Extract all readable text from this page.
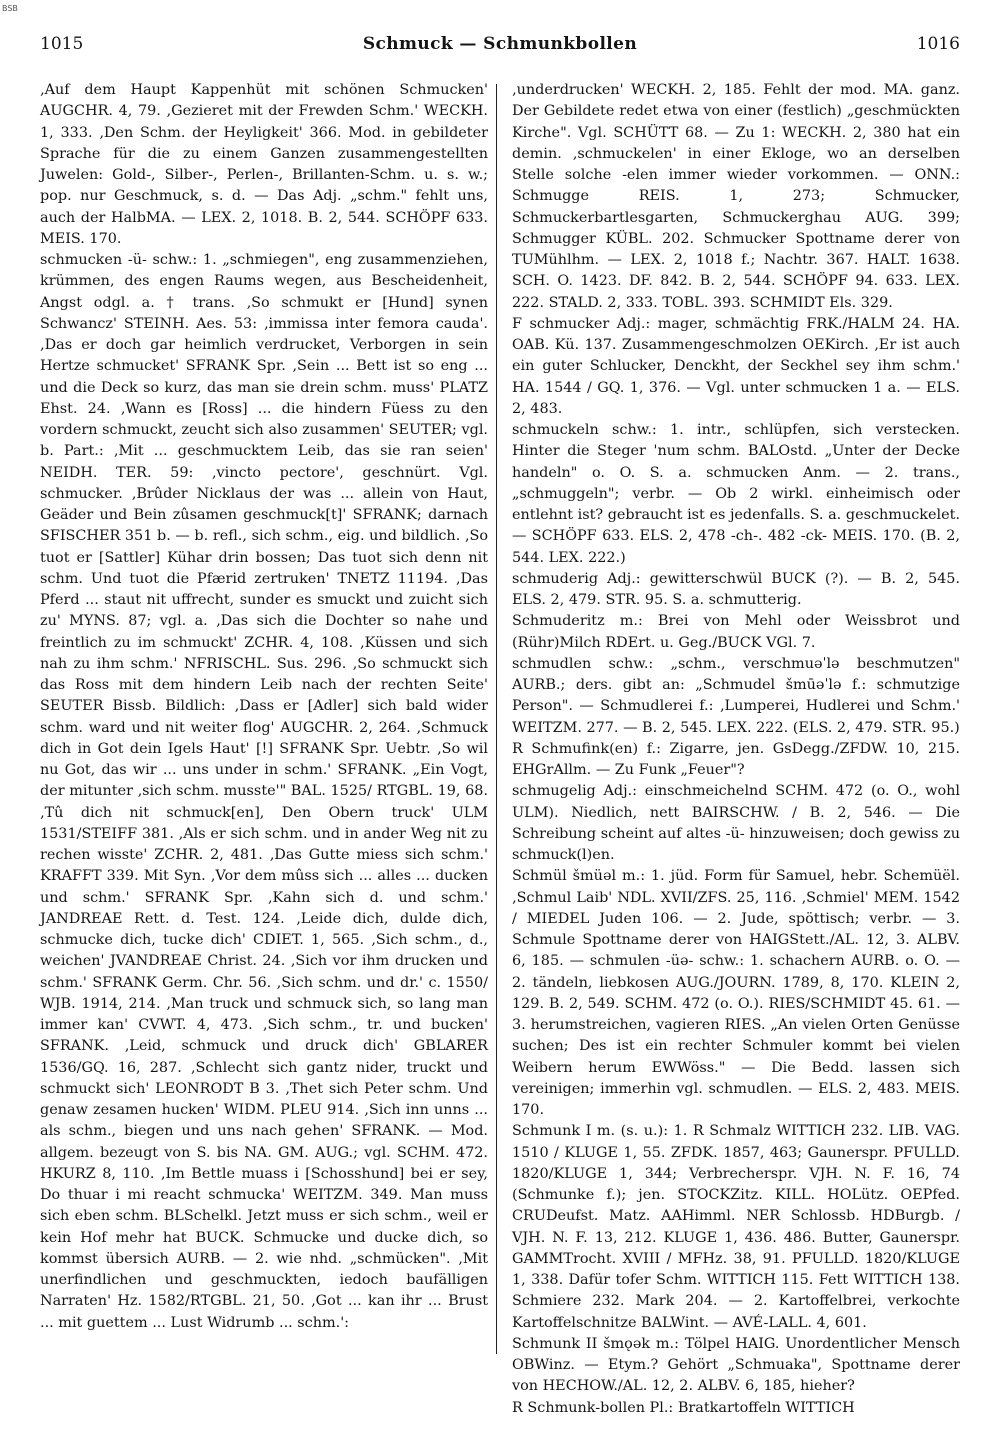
BSB
1015	Schmuck — Schmunkbollen	1016

‚Auf dem Haupt Kappenhüt mit schönen Schmucken' AUGCHR. 4, 79. ‚Gezieret mit der Frewden Schm.' WECKH. 1, 333. ‚Den Schm. der Heyligkeit' 366. Mod. in gebildeter Sprache für die zu einem Ganzen zusammengestellten Juwelen: Gold-, Silber-, Perlen-, Brillanten-Schm. u. s. w.; pop. nur Geschmuck, s. d. — Das Adj. „schm." fehlt uns, auch der HalbMA. — LEX. 2, 1018. B. 2, 544. SCHÖPF 633. MEIS. 170.

schmucken -ü- schw.: 1. „schmiegen", eng zusammenziehen, krümmen, des engen Raums wegen, aus Bescheidenheit, Angst odgl. a. † trans. ‚So schmukt er [Hund] synen Schwancz' STEINH. Aes. 53: ‚immissa inter femora cauda'. ‚Das er doch gar heimlich verdrucket, Verborgen in sein Hertze schmucket' SFRANK Spr. ‚Sein ... Bett ist so eng ... und die Deck so kurz, das man sie drein schm. muss' PLATZ Ehst. 24. ‚Wann es [Ross] ... die hindern Füess zu den vordern schmuckt, zeucht sich also zusammen' SEUTER; vgl. b. Part.: ‚Mit ... geschmucktem Leib, das sie ran seien' NEIDH. TER. 59: ‚vincto pectore', geschnürt. Vgl. schmucker. ‚Brûder Nicklaus der was ... allein von Haut, Geäder und Bein zûsamen geschmuck[t]' SFRANK; darnach SFISCHER 351 b. — b. refl., sich schm., eig. und bildlich. ‚So tuot er [Sattler] Kühar drin bossen; Das tuot sich denn nit schm. Und tuot die Pfærid zertruken' TNETZ 11194. ‚Das Pferd ... staut nit uffrecht, sunder es smuckt und zuicht sich zu' MYNS. 87; vgl. a. ‚Das sich die Dochter so nahe und freintlich zu im schmuckt' ZCHR. 4, 108. ‚Küssen und sich nah zu ihm schm.' NFRISCHL. Sus. 296. ‚So schmuckt sich das Ross mit dem hindern Leib nach der rechten Seite' SEUTER Bissb. Bildlich: ‚Dass er [Adler] sich bald wider schm. ward und nit weiter flog' AUGCHR. 2, 264. ‚Schmuck dich in Got dein Igels Haut' [!] SFRANK Spr. Uebtr. ‚So wil nu Got, das wir ... uns under in schm.' SFRANK. „Ein Vogt, der mitunter ‚sich schm. musste'" BAL. 1525/ RTGBL. 19, 68. ‚Tû dich nit schmuck[en], Den Obern truck' ULM 1531/STEIFF 381. ‚Als er sich schm. und in ander Weg nit zu rechen wisste' ZCHR. 2, 481. ‚Das Gutte miess sich schm.' KRAFFT 339. Mit Syn. ‚Vor dem mûss sich ... alles ... ducken und schm.' SFRANK Spr. ‚Kahn sich d. und schm.' JANDREAE Rett. d. Test. 124. ‚Leide dich, dulde dich, schmucke dich, tucke dich' CDIET. 1, 565. ‚Sich schm., d., weichen' JVANDREAE Christ. 24. ‚Sich vor ihm drucken und schm.' SFRANK Germ. Chr. 56. ‚Sich schm. und dr.' c. 1550/ WJB. 1914, 214. ‚Man truck und schmuck sich, so lang man immer kan' CVWT. 4, 473. ‚Sich schm., tr. und bucken' SFRANK. ‚Leid, schmuck und druck dich' GBLARER 1536/GQ. 16, 287. ‚Schlecht sich gantz nider, truckt und schmuckt sich' LEONRODT B 3. ‚Thet sich Peter schm. Und genaw zesamen hucken' WIDM. PLEU 914. ‚Sich inn unns ... als schm., biegen und uns nach gehen' SFRANK. — Mod. allgem. bezeugt von S. bis NA. GM. AUG.; vgl. SCHM. 472. HKURZ 8, 110. ‚Im Bettle muass i [Schosshund] bei er sey, Do thuar i mi reacht schmucka' WEITZM. 349. Man muss sich eben schm. BLSchelkl. Jetzt muss er sich schm., weil er kein Hof mehr hat BUCK. Schmucke und ducke dich, so kommst übersich AURB. — 2. wie nhd. „schmücken". ‚Mit unerfindlichen und geschmuckten, iedoch baufälligen Narraten' Hz. 1582/RTGBL. 21, 50. ‚Got ... kan ihr ... Brust ... mit guettem ... Lust Widrumb ... schm.':

‚underdrucken' WECKH. 2, 185. Fehlt der mod. MA. ganz. Der Gebildete redet etwa von einer (festlich) „geschmückten Kirche". Vgl. SCHÜTT 68. — Zu 1: WECKH. 2, 380 hat ein demin. ‚schmuckelen' in einer Ekloge, wo an derselben Stelle solche -elen immer wieder vorkommen. — ONN.: Schmugge REIS. 1, 273; Schmucker, Schmuckerbartlesgarten, Schmuckerghau AUG. 399; Schmugger KÜBL. 202. Schmucker Spottname derer von TUMühlhm. — LEX. 2, 1018 f.; Nachtr. 367. HALT. 1638. SCH. O. 1423. DF. 842. B. 2, 544. SCHÖPF 94. 633. LEX. 222. STALD. 2, 333. TOBL. 393. SCHMIDT Els. 329.

F schmucker Adj.: mager, schmächtig FRK./HALM 24. HA. OAB. Kü. 137. Zusammengeschmolzen OEKirch. ‚Er ist auch ein guter Schlucker, Denckht, der Seckhel sey ihm schm.' HA. 1544 / GQ. 1, 376. — Vgl. unter schmucken 1 a. — ELS. 2, 483.

schmuckeln schw.: 1. intr., schlüpfen, sich verstecken. Hinter die Steger 'num schm. BALOstd. „Unter der Decke handeln" o. O. S. a. schmucken Anm. — 2. trans., „schmuggeln"; verbr. — Ob 2 wirkl. einheimisch oder entlehnt ist? gebraucht ist es jedenfalls. S. a. geschmuckelet. — SCHÖPF 633. ELS. 2, 478 -ch-. 482 -ck- MEIS. 170. (B. 2, 544. LEX. 222.)

schmuderig Adj.: gewitterschwül BUCK (?). — B. 2, 545. ELS. 2, 479. STR. 95. S. a. schmutterig.

Schmuderitz m.: Brei von Mehl oder Weissbrot und (Rühr)Milch RDErt. u. Geg./BUCK VGl. 7.

schmudlen schw.: „schm., verschmuəˈlə beschmutzen" AURB.; ders. gibt an: „Schmudel šmūəˈlə f.: schmutzige Person". — Schmudlerei f.: ‚Lumperei, Hudlerei und Schm.' WEITZM. 277. — B. 2, 545. LEX. 222. (ELS. 2, 479. STR. 95.)

R Schmufink(en) f.: Zigarre, jen. GsDegg./ZFDW. 10, 215. EHGrAllm. — Zu Funk „Feuer"?

schmugelig Adj.: einschmeichelnd SCHM. 472 (o. O., wohl ULM). Niedlich, nett BAIRSCHW. / B. 2, 546. — Die Schreibung scheint auf altes -ü- hinzuweisen; doch gewiss zu schmuck(l)en.

Schmül šmüəl m.: 1. jüd. Form für Samuel, hebr. Schemüël. ‚Schmul Laib' NDL. XVII/ZFS. 25, 116. ‚Schmiel' MEM. 1542 / MIEDEL Juden 106. — 2. Jude, spöttisch; verbr. — 3. Schmule Spottname derer von HAIGStett./AL. 12, 3. ALBV. 6, 185. — schmulen -üə- schw.: 1. schachern AURB. o. O. — 2. tändeln, liebkosen AUG./JOURN. 1789, 8, 170. KLEIN 2, 129. B. 2, 549. SCHM. 472 (o. O.). RIES/SCHMIDT 45. 61. — 3. herumstreichen, vagieren RIES. „An vielen Orten Genüsse suchen; Des ist ein rechter Schmuler kommt bei vielen Weibern herum EWWöss." — Die Bedd. lassen sich vereinigen; immerhin vgl. schmudlen. — ELS. 2, 483. MEIS. 170.

Schmunk I m. (s. u.): 1. R Schmalz WITTICH 232. LIB. VAG. 1510 / KLUGE 1, 55. ZFDK. 1857, 463; Gaunerspr. PFULLD. 1820/KLUGE 1, 344; Verbrecherspr. VJH. N. F. 16, 74 (Schmunke f.); jen. STOCKZitz. KILL. HOLütz. OEPfed. CRUDeufst. Matz. AAHimml. NER Schlossb. HDBurgb. / VJH. N. F. 13, 212. KLUGE 1, 436. 486. Butter, Gaunerspr. GAMMTrocht. XVIII / MFHz. 38, 91. PFULLD. 1820/KLUGE 1, 338. Dafür tofer Schm. WITTICH 115. Fett WITTICH 138. Schmiere 232. Mark 204. — 2. Kartoffelbrei, verkochte Kartoffelschnitze BALWint. — AVÉ-LALL. 4, 601.

Schmunk II šmǫək m.: Tölpel HAIG. Unordentlicher Mensch OBWinz. — Etym.? Gehört „Schmuaka", Spottname derer von HECHOW./AL. 12, 2. ALBV. 6, 185, hieher?

R Schmunk-bollen Pl.: Bratkartoffeln WITTICH
